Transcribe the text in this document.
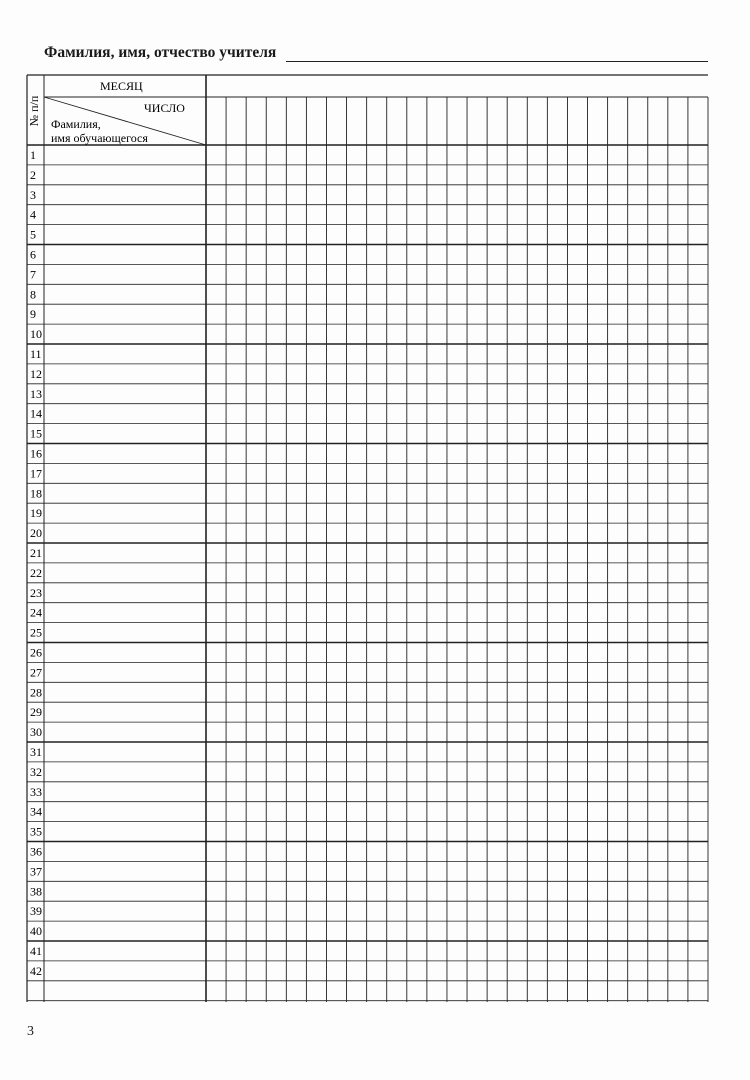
Фамилия, имя, отчество учителя
№ п/п
МЕСЯЦ
ЧИСЛО
Фамилия,
имя обучающегося
1
2
3
4
5
6
7
8
9
10
11
12
13
14
15
16
17
18
19
20
21
22
23
24
25
26
27
28
29
30
31
32
33
34
35
36
37
38
39
40
41
42
3
